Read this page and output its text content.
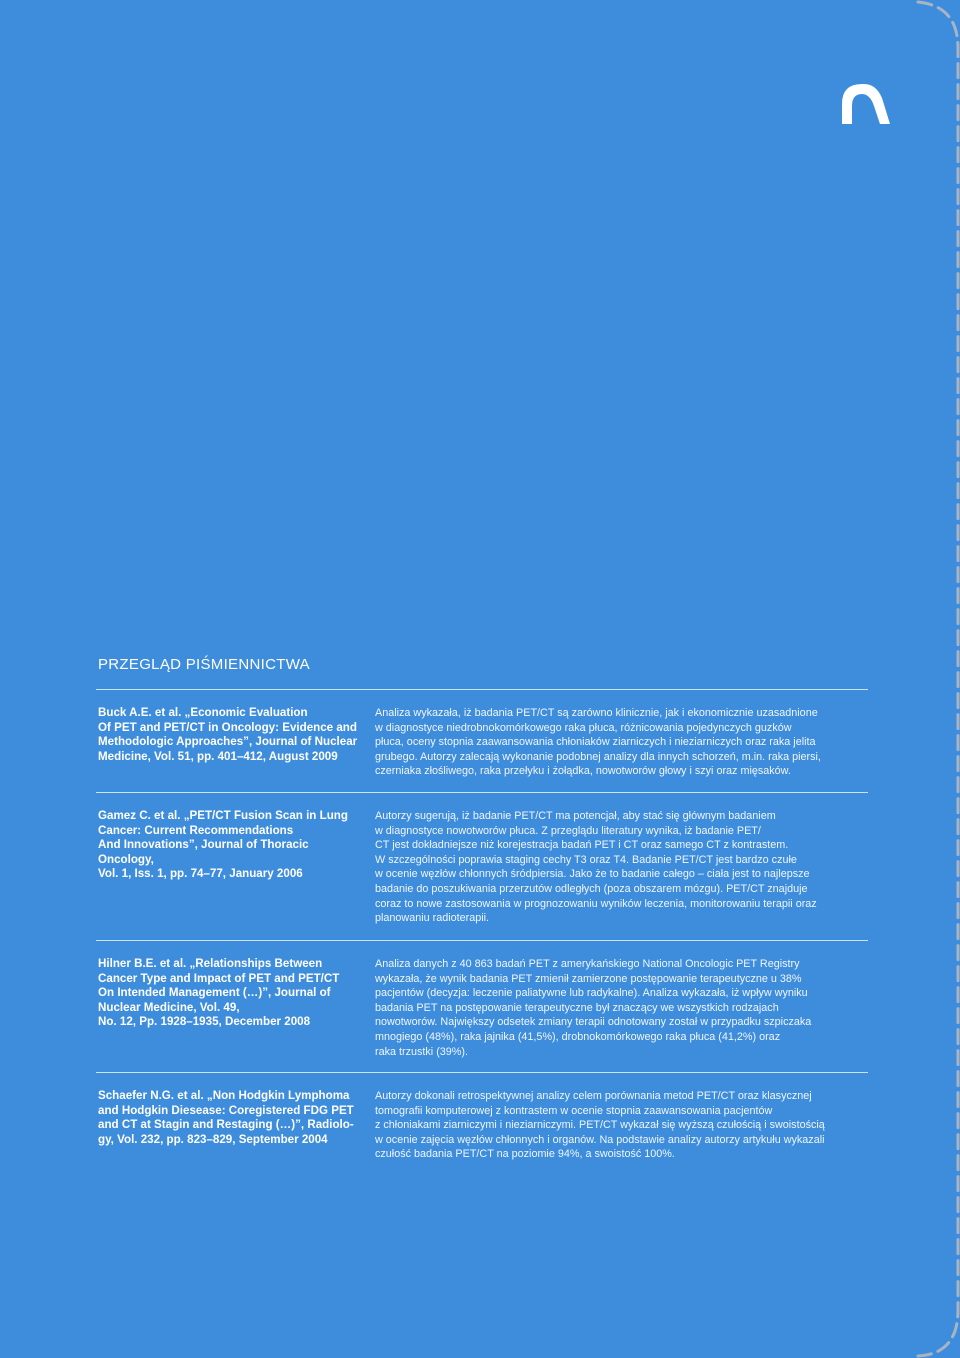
PRZEGLĄD PIŚMIENNICTWA
Buck A.E. et al. „Economic Evaluation
Of PET and PET/CT in Oncology: Evidence and
Methodologic Approaches”, Journal of Nuclear
Medicine, Vol. 51, pp. 401–412, August 2009
Analiza wykazała, iż badania PET/CT są zarówno klinicznie, jak i ekonomicznie uzasadnione
w diagnostyce niedrobnokomórkowego raka płuca, różnicowania pojedynczych guzków
płuca, oceny stopnia zaawansowania chłoniaków ziarniczych i nieziarniczych oraz raka jelita
grubego. Autorzy zalecają wykonanie podobnej analizy dla innych schorzeń, m.in. raka piersi,
czerniaka złośliwego, raka przełyku i żołądka, nowotworów głowy i szyi oraz mięsaków.
Gamez C. et al. „PET/CT Fusion Scan in Lung
Cancer: Current Recommendations
And Innovations”, Journal of Thoracic Oncology,
Vol. 1, Iss. 1, pp. 74–77, January 2006
Autorzy sugerują, iż badanie PET/CT ma potencjał, aby stać się głównym badaniem
w diagnostyce nowotworów płuca. Z przeglądu literatury wynika, iż badanie PET/
CT jest dokładniejsze niż korejestracja badań PET i CT oraz samego CT z kontrastem.
W szczególności poprawia staging cechy T3 oraz T4. Badanie PET/CT jest bardzo czułe
w ocenie węzłów chłonnych śródpiersia. Jako że to badanie całego – ciała jest to najlepsze
badanie do poszukiwania przerzutów odległych (poza obszarem mózgu). PET/CT znajduje
coraz to nowe zastosowania w prognozowaniu wyników leczenia, monitorowaniu terapii oraz
planowaniu radioterapii.
Hilner B.E. et al. „Relationships Between
Cancer Type and Impact of PET and PET/CT
On Intended Management (…)”, Journal of
Nuclear Medicine, Vol. 49,
No. 12, Pp. 1928–1935, December 2008
Analiza danych z 40 863 badań PET z amerykańskiego National Oncologic PET Registry
wykazała, że wynik badania PET zmienił zamierzone postępowanie terapeutyczne u 38%
pacjentów (decyzja: leczenie paliatywne lub radykalne). Analiza wykazała, iż wpływ wyniku
badania PET na postępowanie terapeutyczne był znaczący we wszystkich rodzajach
nowotworów. Największy odsetek zmiany terapii odnotowany został w przypadku szpiczaka
mnogiego (48%), raka jajnika (41,5%), drobnokomórkowego raka płuca (41,2%) oraz
raka trzustki (39%).
Schaefer N.G. et al. „Non Hodgkin Lymphoma
and Hodgkin Diesease: Coregistered FDG PET
and CT at Stagin and Restaging (…)”, Radiolo-
gy, Vol. 232, pp. 823–829, September 2004
Autorzy dokonali retrospektywnej analizy celem porównania metod PET/CT oraz klasycznej
tomografii komputerowej z kontrastem w ocenie stopnia zaawansowania pacjentów
z chłoniakami ziarniczymi i nieziarniczymi. PET/CT wykazał się wyższą czułością i swoistością
w ocenie zajęcia węzłów chłonnych i organów. Na podstawie analizy autorzy artykułu wykazali
czułość badania PET/CT na poziomie 94%, a swoistość 100%.
